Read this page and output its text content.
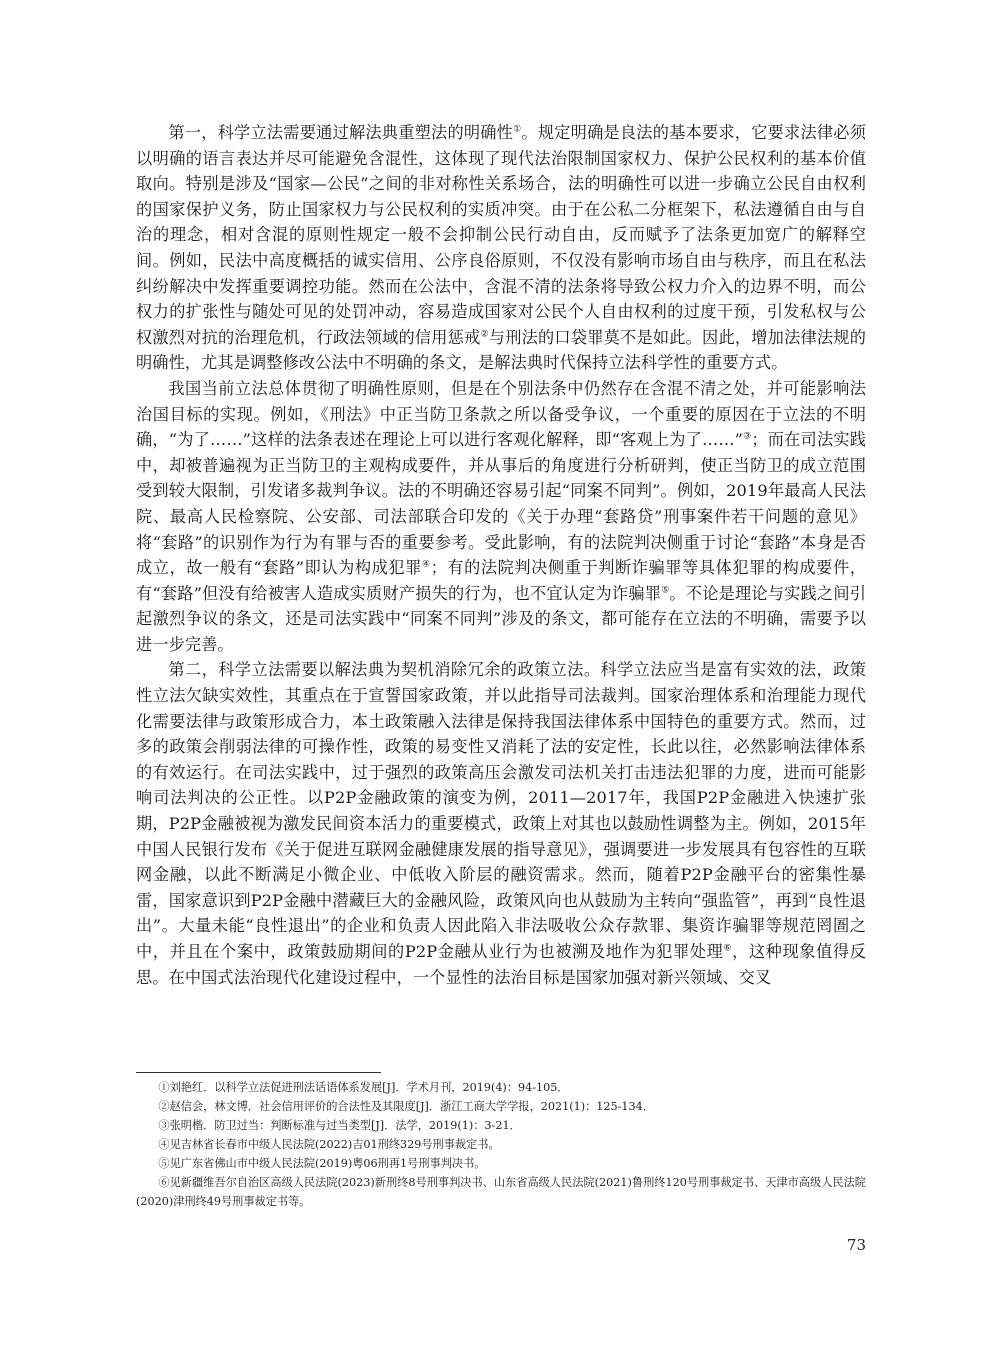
第一，科学立法需要通过解法典重塑法的明确性①。规定明确是良法的基本要求，它要求法律必须以明确的语言表达并尽可能避免含混性，这体现了现代法治限制国家权力、保护公民权利的基本价值取向。特别是涉及“国家—公民”之间的非对称性关系场合，法的明确性可以进一步确立公民自由权利的国家保护义务，防止国家权力与公民权利的实质冲突。由于在公私二分框架下，私法遵循自由与自治的理念，相对含混的原则性规定一般不会抑制公民行动自由，反而赋予了法条更加宽广的解释空间。例如，民法中高度概括的诚实信用、公序良俗原则，不仅没有影响市场自由与秩序，而且在私法纠纷解决中发挥重要调控功能。然而在公法中，含混不清的法条将导致公权力介入的边界不明，而公权力的扩张性与随处可见的处罚冲动，容易造成国家对公民个人自由权利的过度干预，引发私权与公权激烈对抗的治理危机，行政法领域的信用惩戒②与刑法的口袋罪莫不是如此。因此，增加法律法规的明确性，尤其是调整修改公法中不明确的条文，是解法典时代保持立法科学性的重要方式。

我国当前立法总体贯彻了明确性原则，但是在个别法条中仍然存在含混不清之处，并可能影响法治国目标的实现。例如，《刑法》中正当防卫条款之所以备受争议，一个重要的原因在于立法的不明确，“为了……”这样的法条表述在理论上可以进行客观化解释，即“客观上为了……”③；而在司法实践中，却被普遍视为正当防卫的主观构成要件，并从事后的角度进行分析研判，使正当防卫的成立范围受到较大限制，引发诸多裁判争议。法的不明确还容易引起“同案不同判”。例如，2019年最高人民法院、最高人民检察院、公安部、司法部联合印发的《关于办理“套路贷”刑事案件若干问题的意见》将“套路”的识别作为行为有罪与否的重要参考。受此影响，有的法院判决侧重于讨论“套路”本身是否成立，故一般有“套路”即认为构成犯罪④；有的法院判决侧重于判断诈骗罪等具体犯罪的构成要件，有“套路”但没有给被害人造成实质财产损失的行为，也不宜认定为诈骗罪⑤。不论是理论与实践之间引起激烈争议的条文，还是司法实践中“同案不同判”涉及的条文，都可能存在立法的不明确，需要予以进一步完善。

第二，科学立法需要以解法典为契机消除冗余的政策立法。科学立法应当是富有实效的法，政策性立法欠缺实效性，其重点在于宣誓国家政策，并以此指导司法裁判。国家治理体系和治理能力现代化需要法律与政策形成合力，本土政策融入法律是保持我国法律体系中国特色的重要方式。然而，过多的政策会削弱法律的可操作性，政策的易变性又消耗了法的安定性，长此以往，必然影响法律体系的有效运行。在司法实践中，过于强烈的政策高压会激发司法机关打击违法犯罪的力度，进而可能影响司法判决的公正性。以P2P金融政策的演变为例，2011—2017年，我国P2P金融进入快速扩张期，P2P金融被视为激发民间资本活力的重要模式，政策上对其也以鼓励性调整为主。例如，2015年中国人民银行发布《关于促进互联网金融健康发展的指导意见》，强调要进一步发展具有包容性的互联网金融，以此不断满足小微企业、中低收入阶层的融资需求。然而，随着P2P金融平台的密集性暴雷，国家意识到P2P金融中潜藏巨大的金融风险，政策风向也从鼓励为主转向“强监管”，再到“良性退出”。大量未能“良性退出”的企业和负责人因此陷入非法吸收公众存款罪、集资诈骗罪等规范罔圄之中，并且在个案中，政策鼓励期间的P2P金融从业行为也被溯及地作为犯罪处理⑥，这种现象值得反思。在中国式法治现代化建设过程中，一个显性的法治目标是国家加强对新兴领域、交叉

①刘艳红．以科学立法促进刑法话语体系发展[J]．学术月刊，2019(4)：94-105．

②赵信会，林文博．社会信用评价的合法性及其限度[J]．浙江工商大学学报，2021(1)：125-134．

③张明楷．防卫过当：判断标准与过当类型[J]．法学，2019(1)：3-21．

④见吉林省长春市中级人民法院(2022)吉01刑终329号刑事裁定书。

⑤见广东省佛山市中级人民法院(2019)粤06刑再1号刑事判决书。

⑥见新疆维吾尔自治区高级人民法院(2023)新刑终8号刑事判决书、山东省高级人民法院(2021)鲁刑终120号刑事裁定书、天津市高级人民法院(2020)津刑终49号刑事裁定书等。

73
